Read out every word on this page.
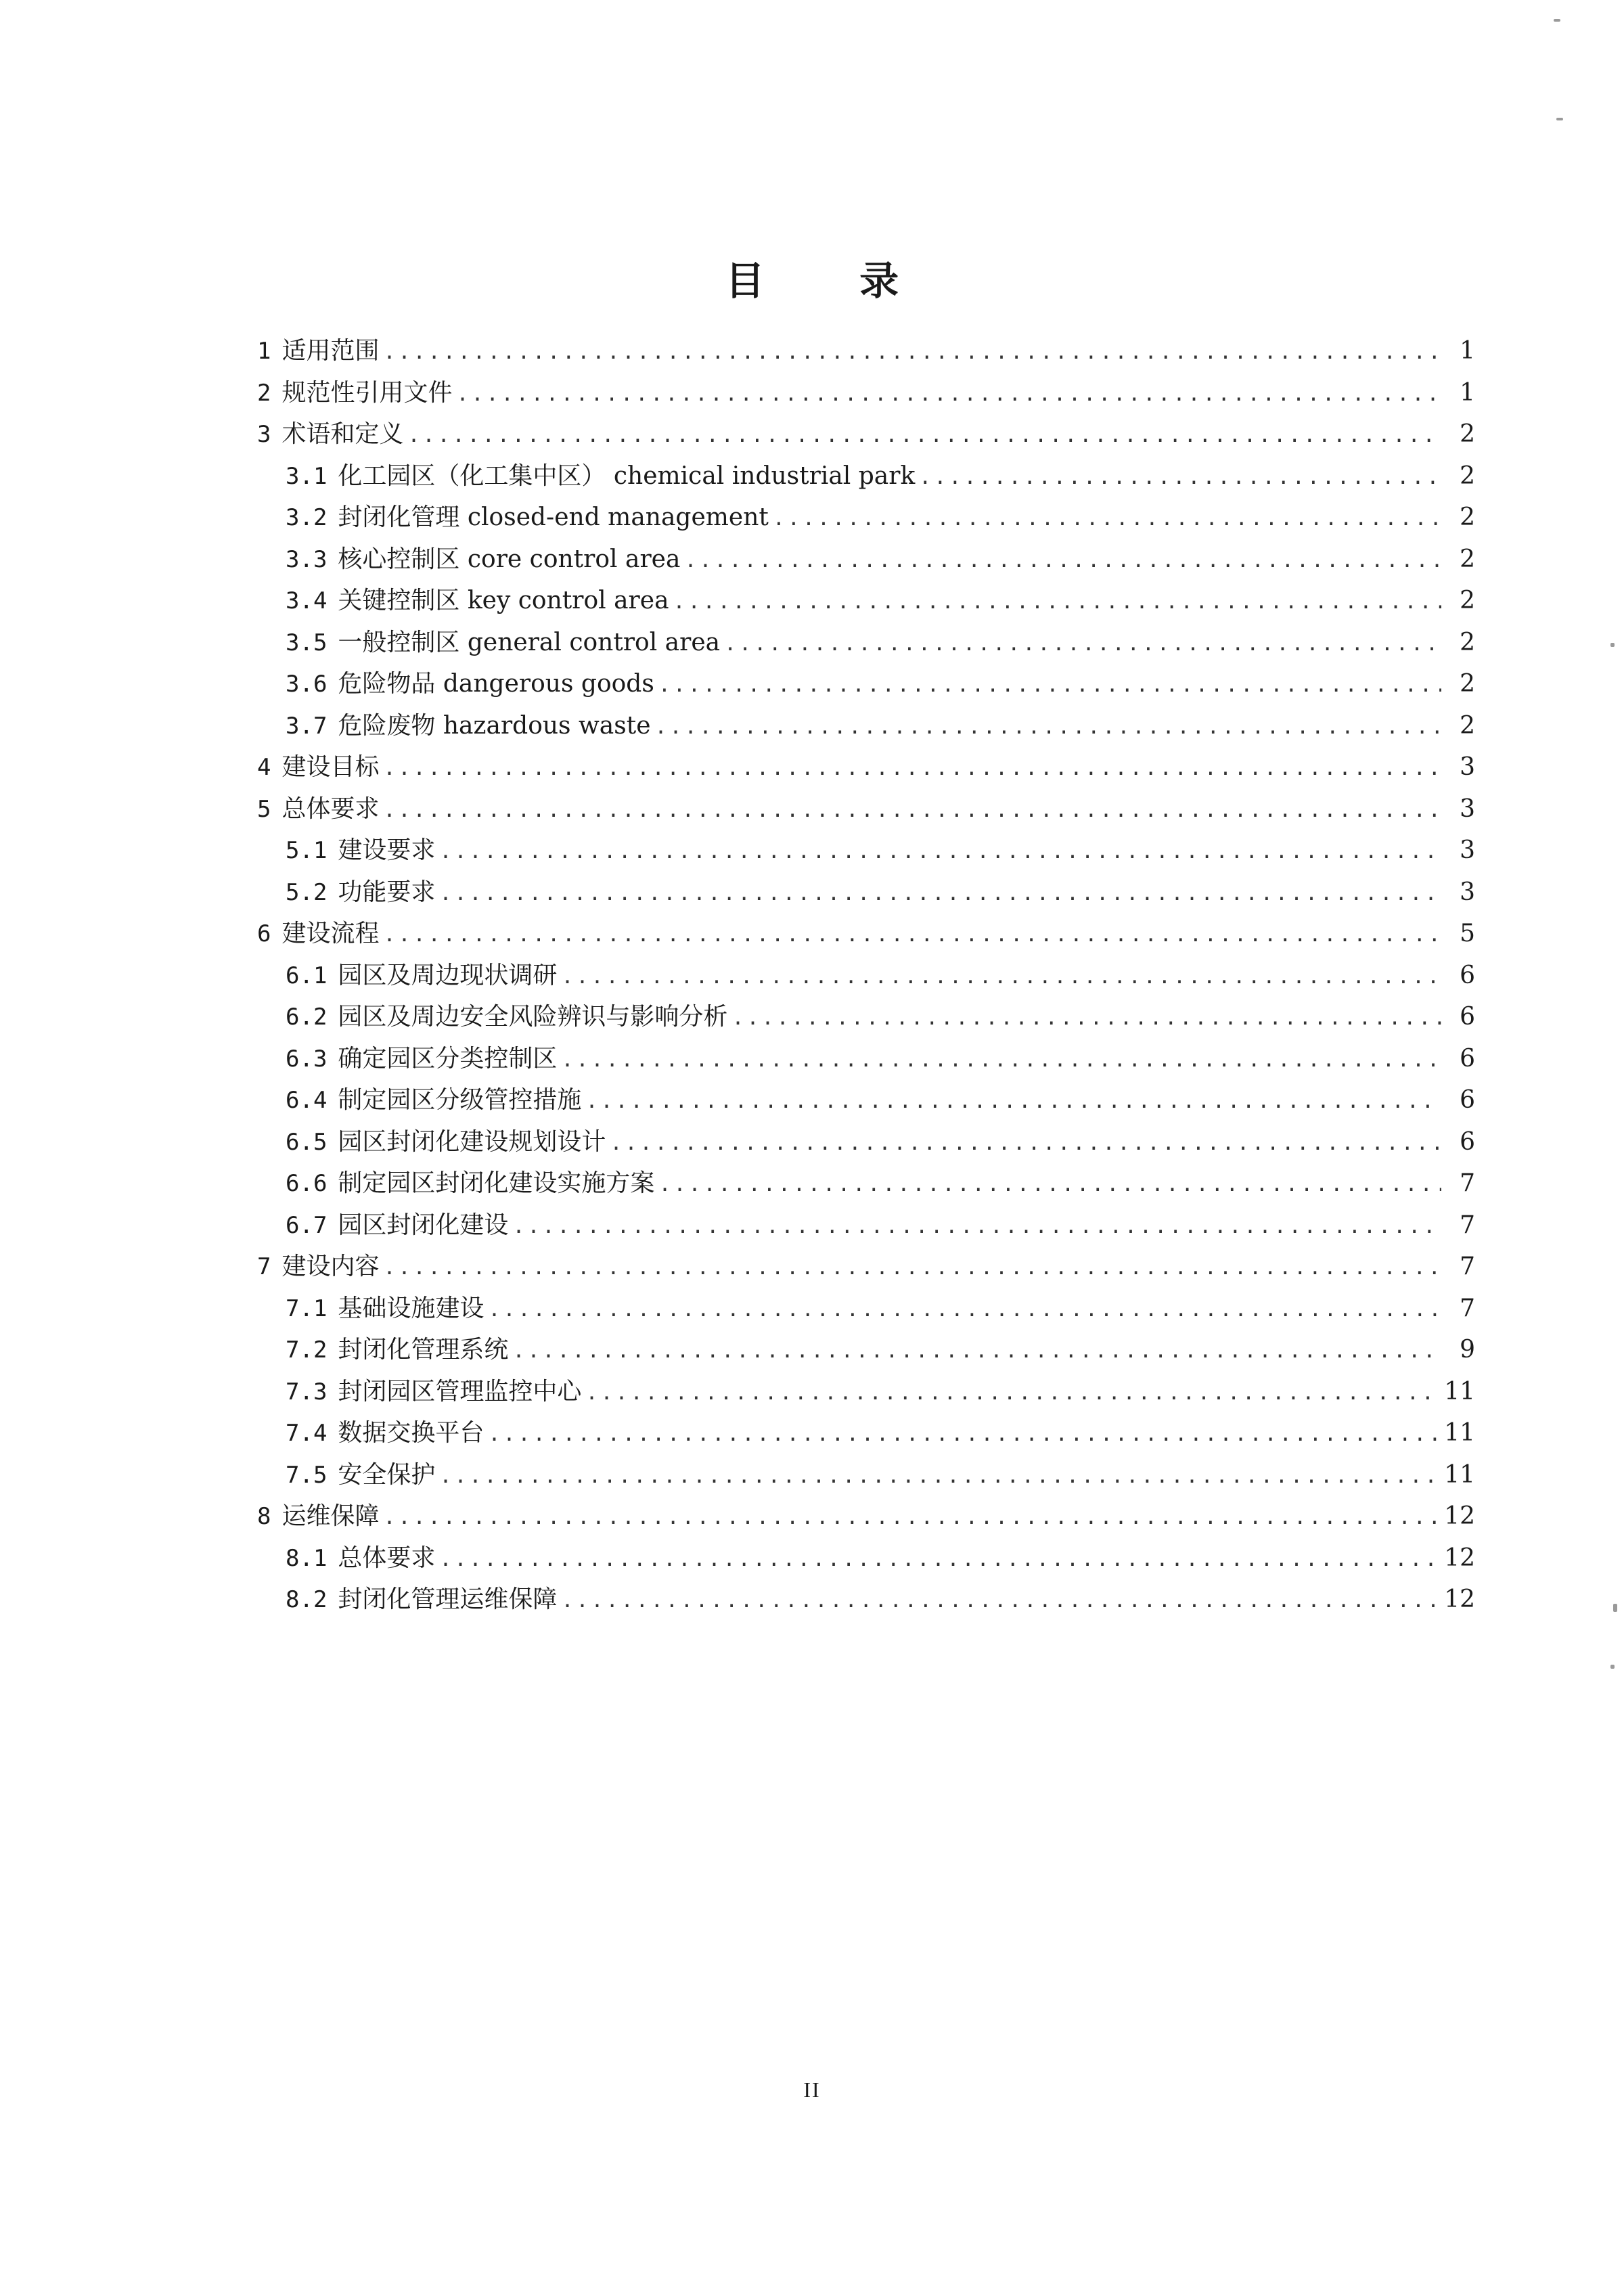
目 录
1 适用范围 .....	1
2 规范性引用文件 .....	1
3 术语和定义 .....	2
3.1 化工园区（化工集中区） chemical industrial park .....	2
3.2 封闭化管理 closed-end management .....	2
3.3 核心控制区 core control area .....	2
3.4 关键控制区 key control area .....	2
3.5 一般控制区 general control area .....	2
3.6 危险物品 dangerous goods .....	2
3.7 危险废物 hazardous waste .....	2
4 建设目标 .....	3
5 总体要求 .....	3
5.1 建设要求 .....	3
5.2 功能要求 .....	3
6 建设流程 .....	5
6.1 园区及周边现状调研 .....	6
6.2 园区及周边安全风险辨识与影响分析 .....	6
6.3 确定园区分类控制区 .....	6
6.4 制定园区分级管控措施 .....	6
6.5 园区封闭化建设规划设计 .....	6
6.6 制定园区封闭化建设实施方案 .....	7
6.7 园区封闭化建设 .....	7
7 建设内容 .....	7
7.1 基础设施建设 .....	7
7.2 封闭化管理系统 .....	9
7.3 封闭园区管理监控中心 .....	11
7.4 数据交换平台 .....	11
7.5 安全保护 .....	11
8 运维保障 .....	12
8.1 总体要求 .....	12
8.2 封闭化管理运维保障 .....	12
II
